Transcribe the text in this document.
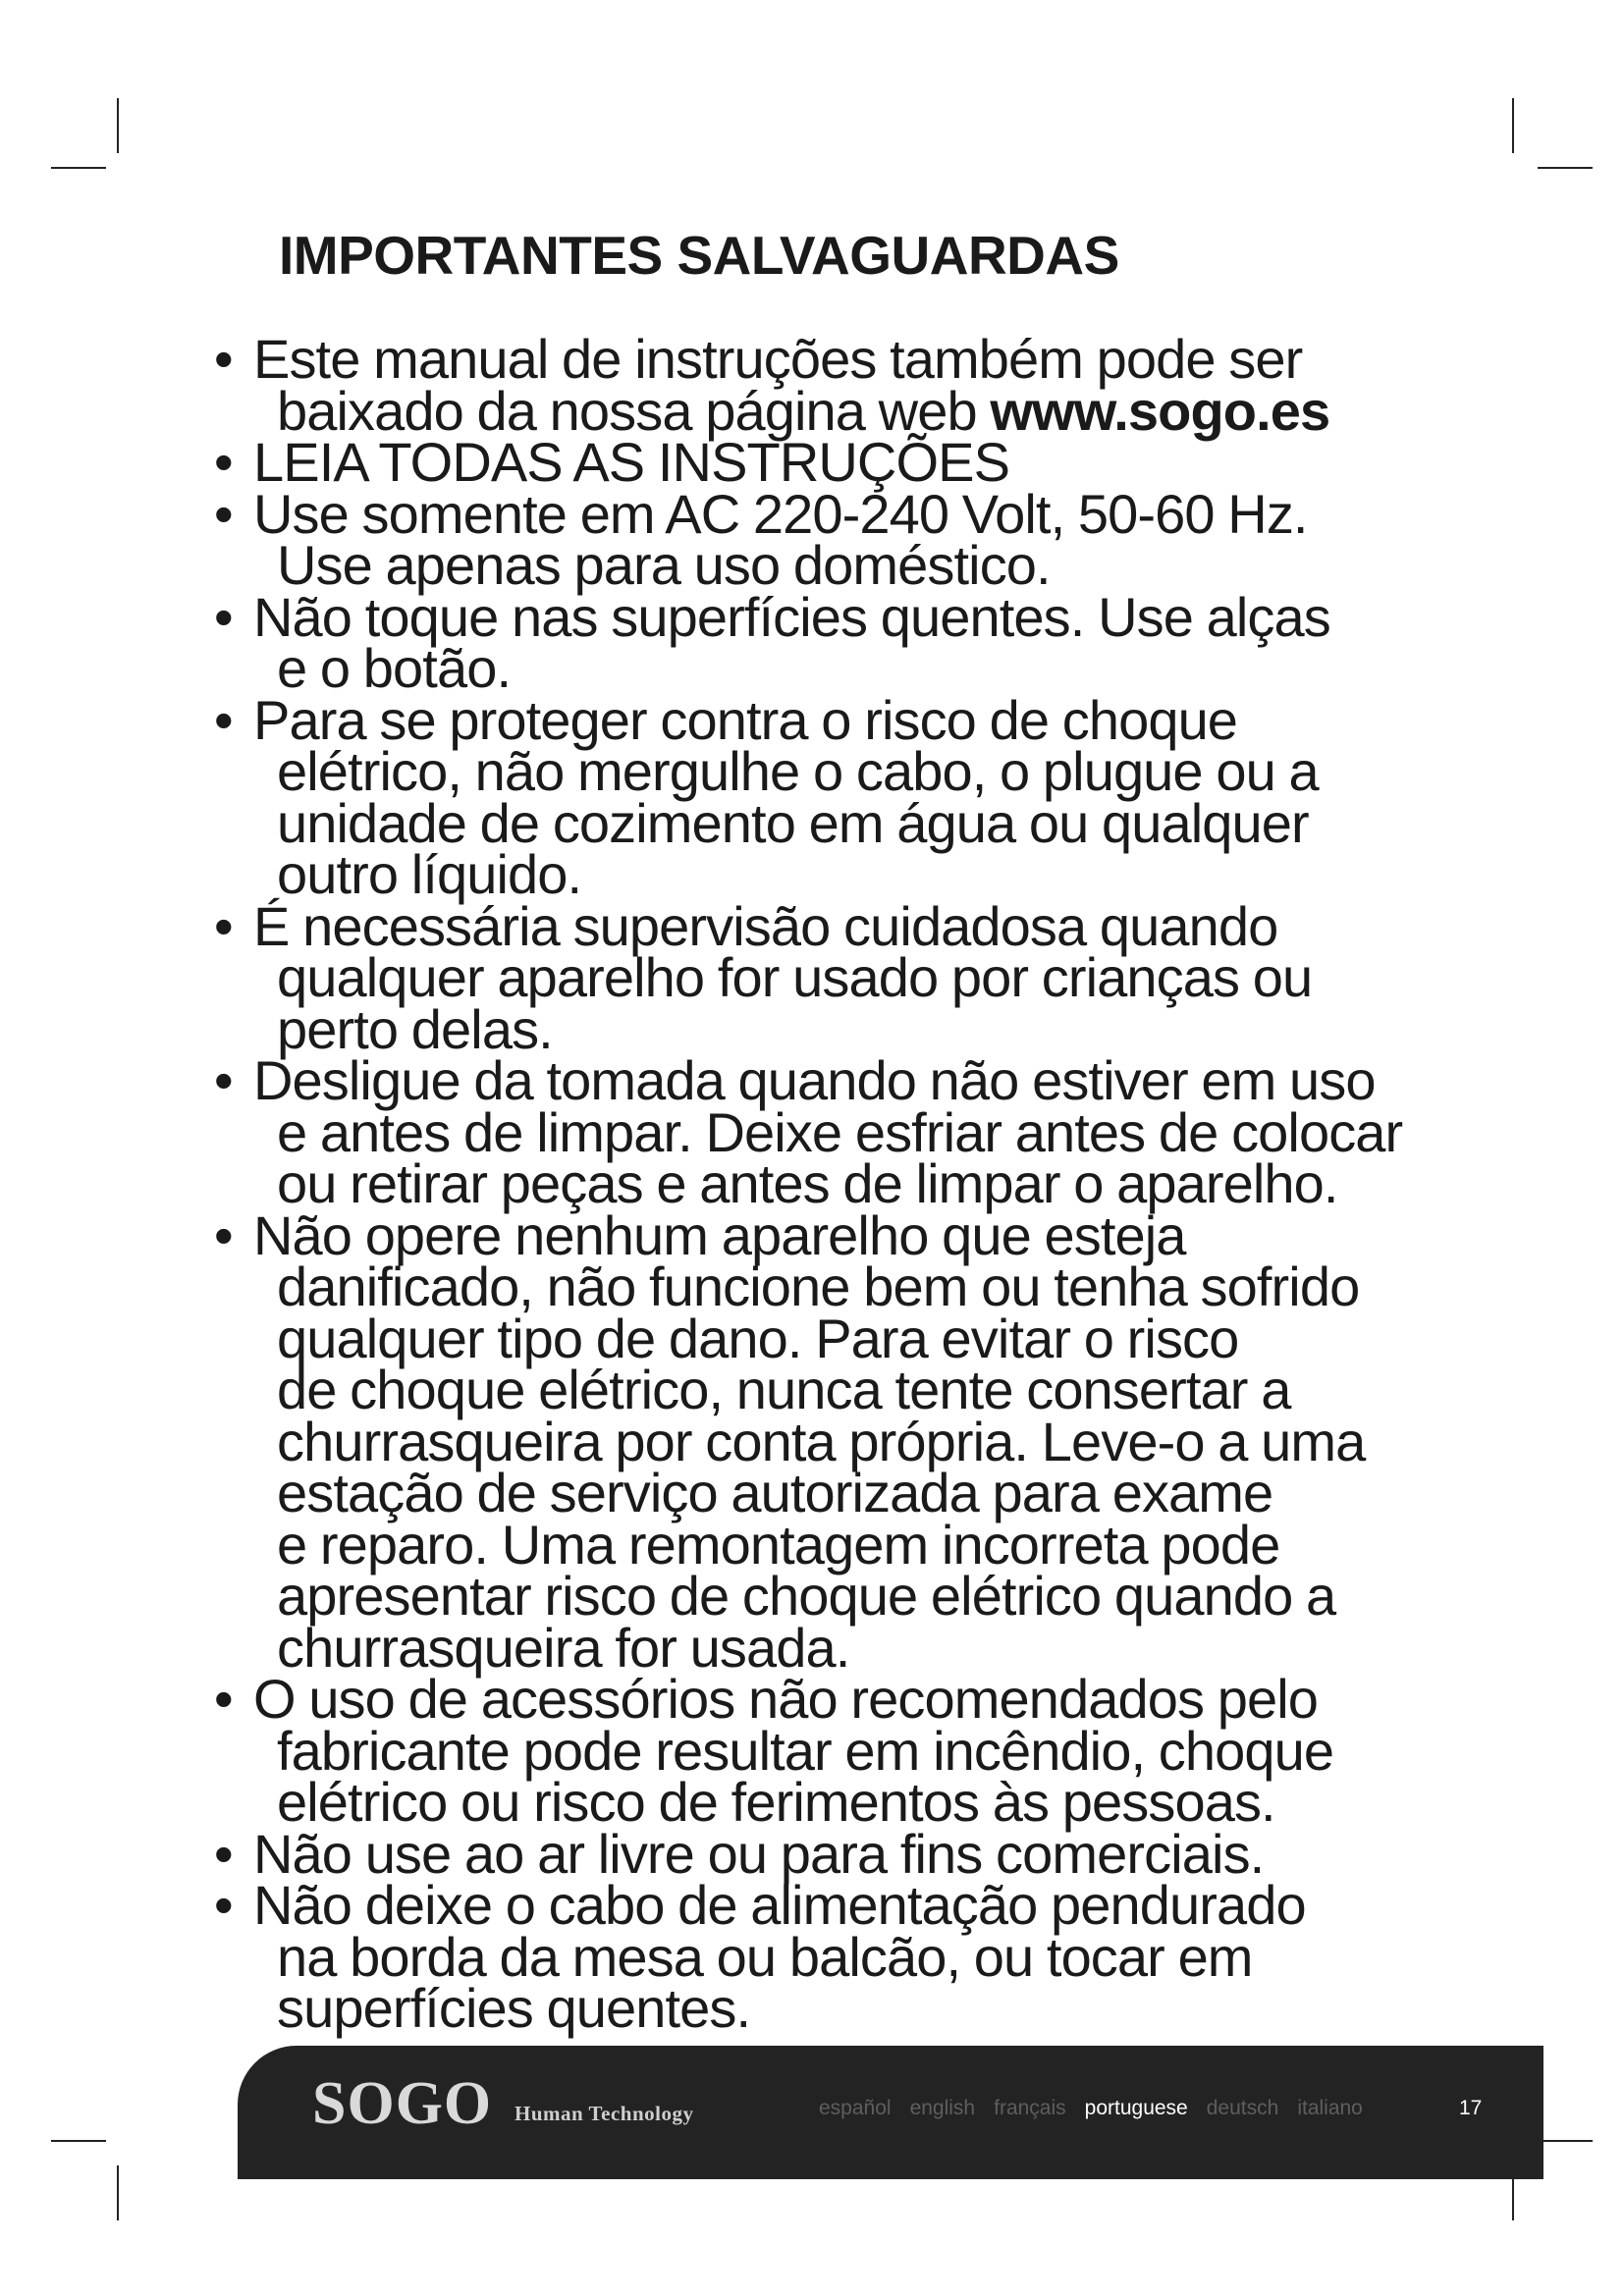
IMPORTANTES SALVAGUARDAS
• Este manual de instruções também pode ser
baixado da nossa página web www.sogo.es
• LEIA TODAS AS INSTRUÇÕES
• Use somente em AC 220-240 Volt, 50-60 Hz.
Use apenas para uso doméstico.
• Não toque nas superfícies quentes. Use alças
e o botão.
• Para se proteger contra o risco de choque
elétrico, não mergulhe o cabo, o plugue ou a
unidade de cozimento em água ou qualquer
outro líquido.
• É necessária supervisão cuidadosa quando
qualquer aparelho for usado por crianças ou
perto delas.
• Desligue da tomada quando não estiver em uso
e antes de limpar. Deixe esfriar antes de colocar
ou retirar peças e antes de limpar o aparelho.
• Não opere nenhum aparelho que esteja
danificado, não funcione bem ou tenha sofrido
qualquer tipo de dano. Para evitar o risco
de choque elétrico, nunca tente consertar a
churrasqueira por conta própria. Leve-o a uma
estação de serviço autorizada para exame
e reparo. Uma remontagem incorreta pode
apresentar risco de choque elétrico quando a
churrasqueira for usada.
• O uso de acessórios não recomendados pelo
fabricante pode resultar em incêndio, choque
elétrico ou risco de ferimentos às pessoas.
• Não use ao ar livre ou para fins comerciais.
• Não deixe o cabo de alimentação pendurado
na borda da mesa ou balcão, ou tocar em
superfícies quentes.
SOGO Human Technology	español english français portuguese deutsch italiano	17
